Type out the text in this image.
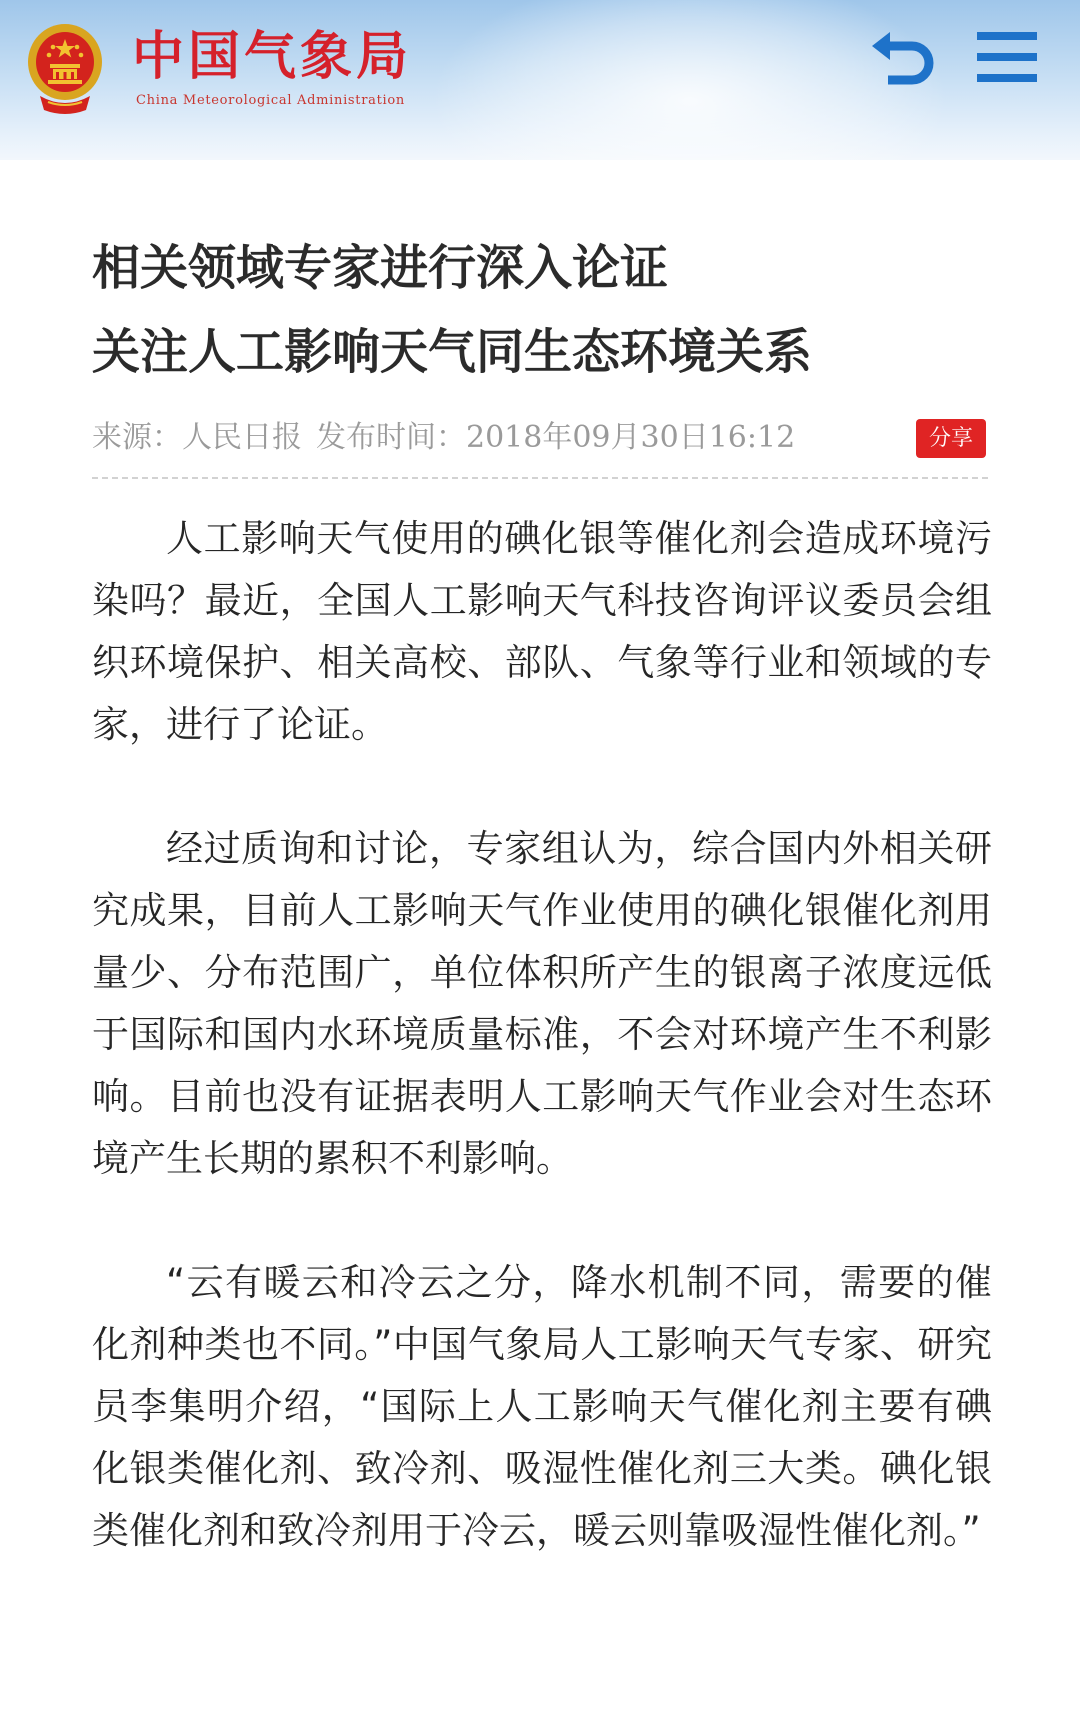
中国气象局
China Meteorological Administration
相关领域专家进行深入论证
关注人工影响天气同生态环境关系
来源：人民日报 发布时间：2018年09月30日16:12	分享

人工影响天气使用的碘化银等催化剂会造成环境污染吗？最近，全国人工影响天气科技咨询评议委员会组织环境保护、相关高校、部队、气象等行业和领域的专家，进行了论证。

经过质询和讨论，专家组认为，综合国内外相关研究成果，目前人工影响天气作业使用的碘化银催化剂用量少、分布范围广，单位体积所产生的银离子浓度远低于国际和国内水环境质量标准，不会对环境产生不利影响。目前也没有证据表明人工影响天气作业会对生态环境产生长期的累积不利影响。

“云有暖云和冷云之分，降水机制不同，需要的催化剂种类也不同。”中国气象局人工影响天气专家、研究员李集明介绍，“国际上人工影响天气催化剂主要有碘化银类催化剂、致冷剂、吸湿性催化剂三大类。碘化银类催化剂和致冷剂用于冷云，暖云则靠吸湿性催化剂。”
